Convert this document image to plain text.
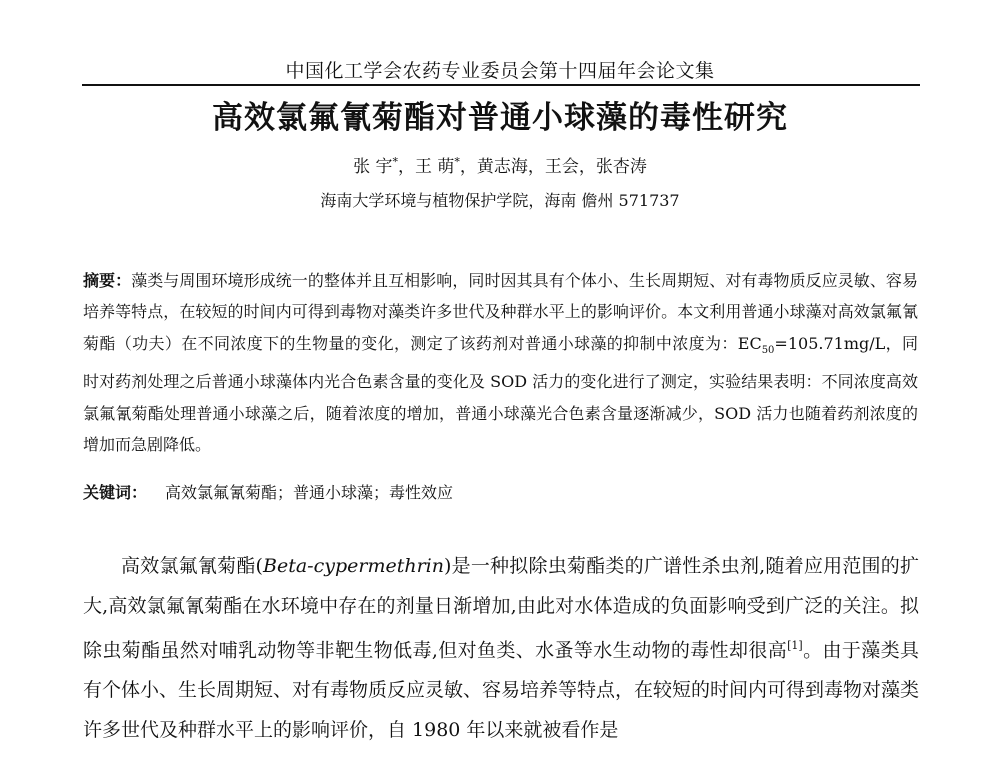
中国化工学会农药专业委员会第十四届年会论文集
高效氯氟氰菊酯对普通小球藻的毒性研究
张 宇*，王 萌*，黄志海，王会，张杏涛
海南大学环境与植物保护学院，海南 儋州 571737
摘要：藻类与周围环境形成统一的整体并且互相影响，同时因其具有个体小、生长周期短、对有毒物质反应灵敏、容易培养等特点，在较短的时间内可得到毒物对藻类许多世代及种群水平上的影响评价。本文利用普通小球藻对高效氯氟氰菊酯（功夫）在不同浓度下的生物量的变化，测定了该药剂对普通小球藻的抑制中浓度为：$EC_{50}=105.71mg/L$，同时对药剂处理之后普通小球藻体内光合色素含量的变化及 SOD 活力的变化进行了测定，实验结果表明：不同浓度高效氯氟氰菊酯处理普通小球藻之后，随着浓度的增加，普通小球藻光合色素含量逐渐减少，SOD 活力也随着药剂浓度的增加而急剧降低。
关键词： 高效氯氟氰菊酯；普通小球藻；毒性效应
高效氯氟氰菊酯(Beta-cypermethrin)是一种拟除虫菊酯类的广谱性杀虫剂,随着应用范围的扩大,高效氯氟氰菊酯在水环境中存在的剂量日渐增加,由此对水体造成的负面影响受到广泛的关注。拟除虫菊酯虽然对哺乳动物等非靶生物低毒,但对鱼类、水蚤等水生动物的毒性却很高[1]。由于藻类具有个体小、生长周期短、对有毒物质反应灵敏、容易培养等特点，在较短的时间内可得到毒物对藻类许多世代及种群水平上的影响评价，自 1980 年以来就被看作是
